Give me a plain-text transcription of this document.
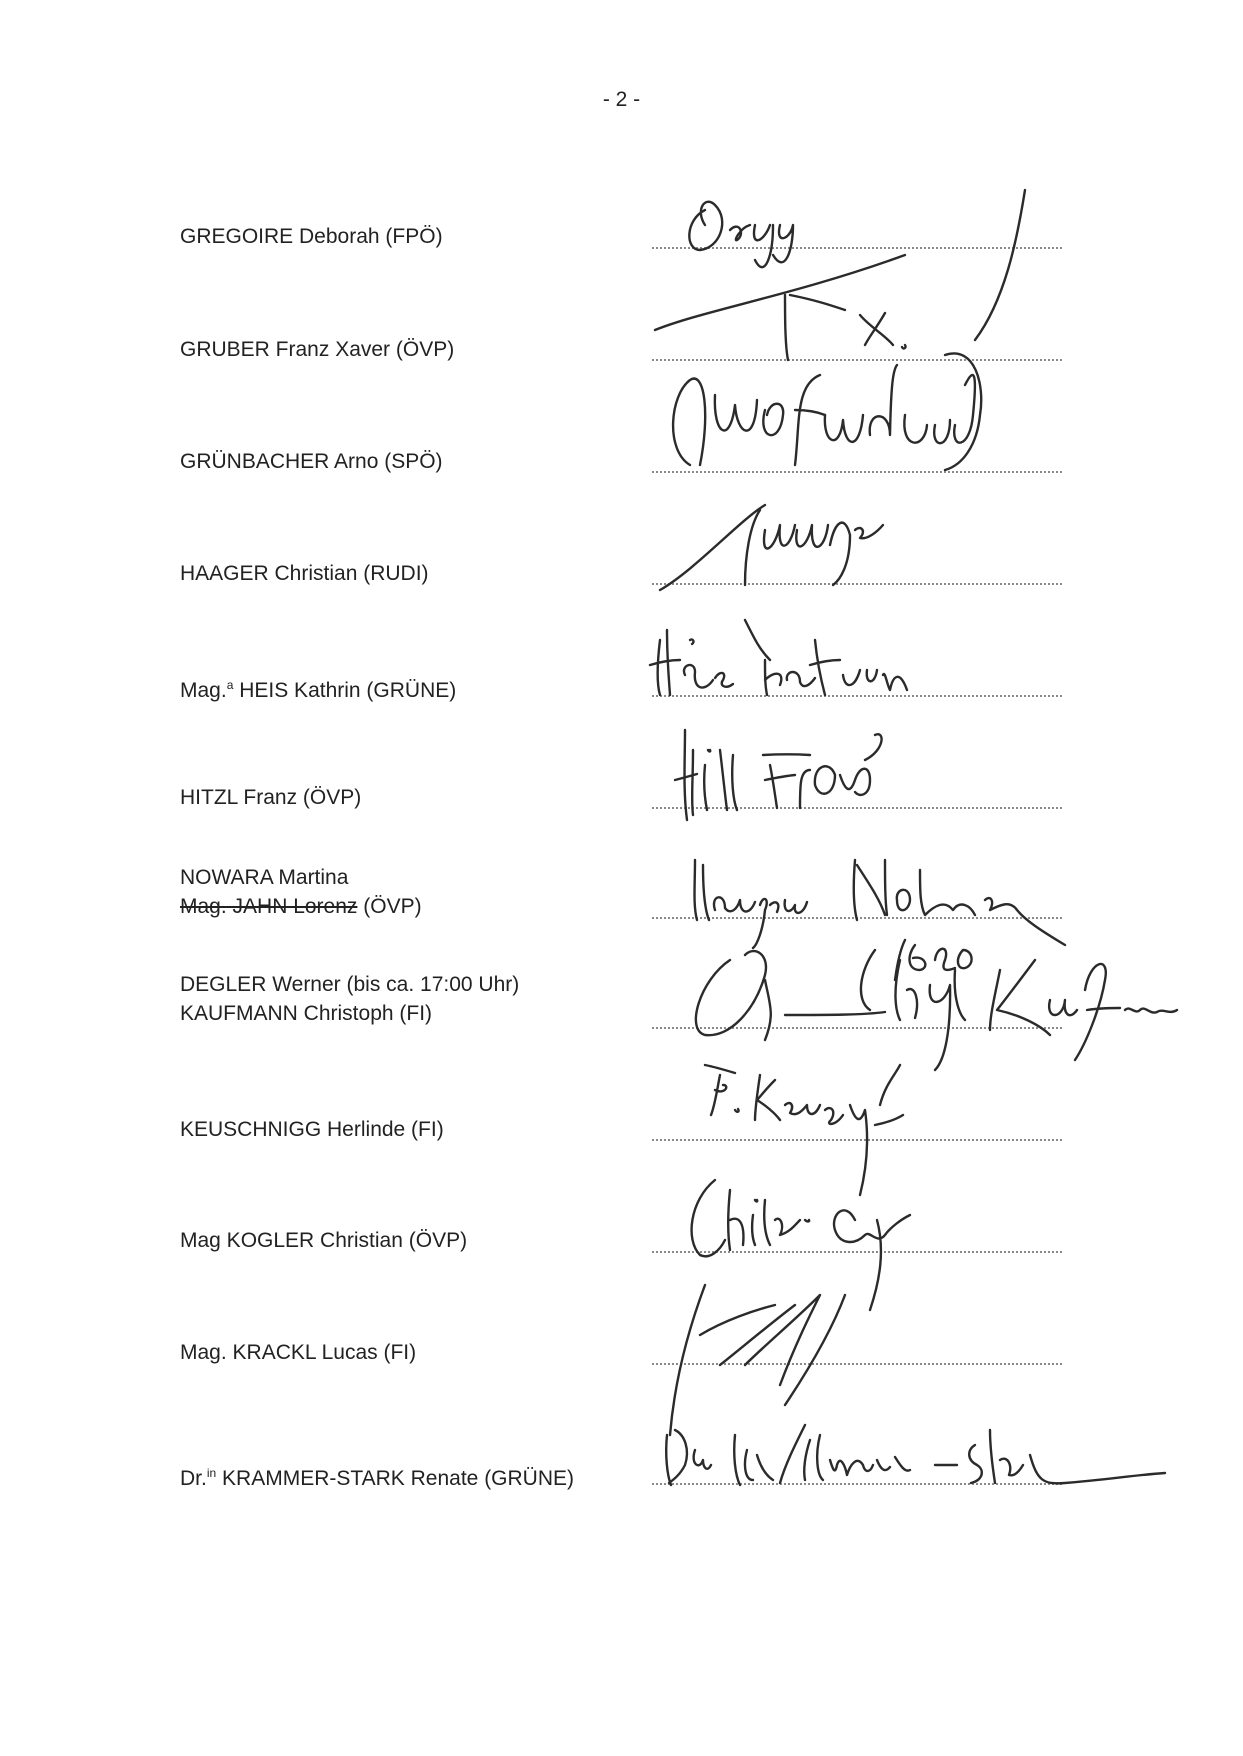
- 2 -
GREGOIRE Deborah (FPÖ)
GRUBER Franz Xaver (ÖVP)
GRÜNBACHER Arno (SPÖ)
HAAGER Christian (RUDI)
Mag.$^a$ HEIS Kathrin (GRÜNE)
HITZL Franz (ÖVP)
NOWARA Martina
Mag. JAHN Lorenz (ÖVP)
DEGLER Werner (bis ca. 17:00 Uhr)
KAUFMANN Christoph (FI)
KEUSCHNIGG Herlinde (FI)
Mag KOGLER Christian (ÖVP)
Mag. KRACKL Lucas (FI)
Dr.$^{in}$ KRAMMER-STARK Renate (GRÜNE)
